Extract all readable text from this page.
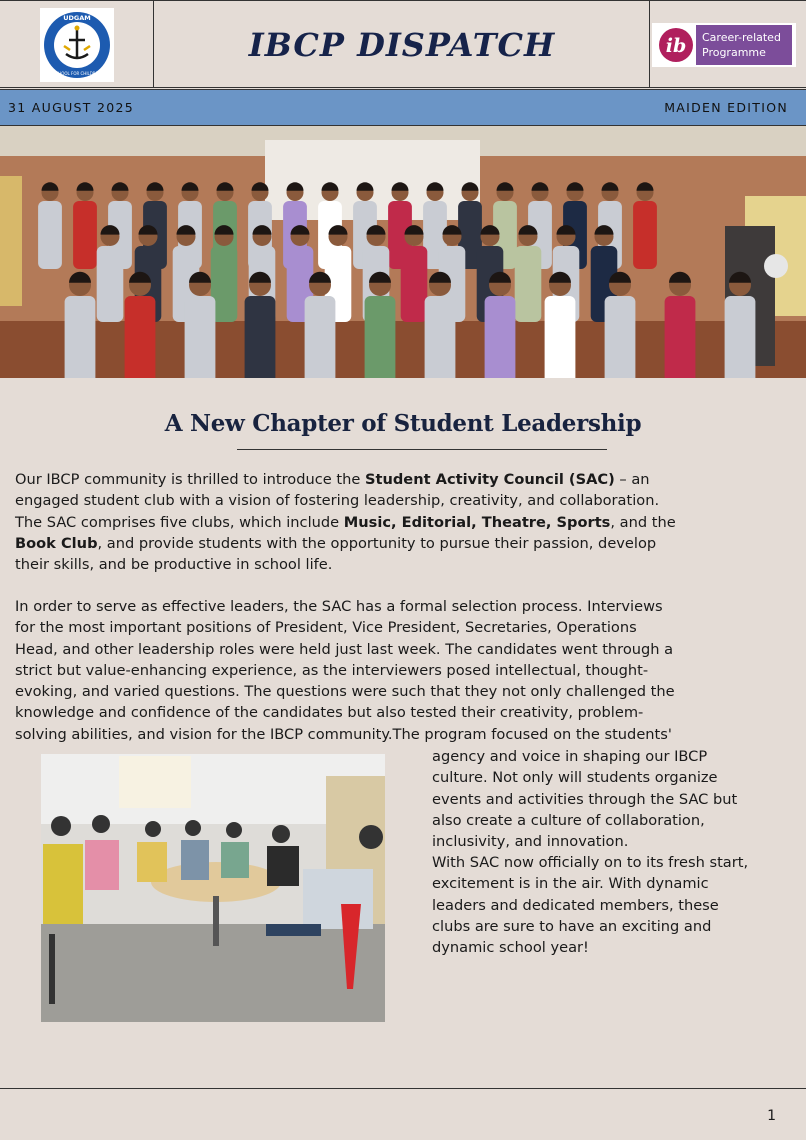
UDGAM
SCHOOL FOR CHILDREN
IBCP DISPATCH	ib Career-related
Programme
31 AUGUST 2025	MAIDEN EDITION
A New Chapter of Student Leadership
Our IBCP community is thrilled to introduce the Student Activity Council (SAC) – an
engaged student club with a vision of fostering leadership, creativity, and collaboration.
The SAC comprises five clubs, which include Music, Editorial, Theatre, Sports, and the
Book Club, and provide students with the opportunity to pursue their passion, develop
their skills, and be productive in school life.
In order to serve as effective leaders, the SAC has a formal selection process. Interviews
for the most important positions of President, Vice President, Secretaries, Operations
Head, and other leadership roles were held just last week. The candidates went through a
strict but value-enhancing experience, as the interviewers posed intellectual, thought-
evoking, and varied questions. The questions were such that they not only challenged the
knowledge and confidence of the candidates but also tested their creativity, problem-
solving abilities, and vision for the IBCP community.The program focused on the students'
agency and voice in shaping our IBCP
culture. Not only will students organize
events and activities through the SAC but
also create a culture of collaboration,
inclusivity, and innovation.
With SAC now officially on to its fresh start,
excitement is in the air. With dynamic
leaders and dedicated members, these
clubs are sure to have an exciting and
dynamic school year!
1
